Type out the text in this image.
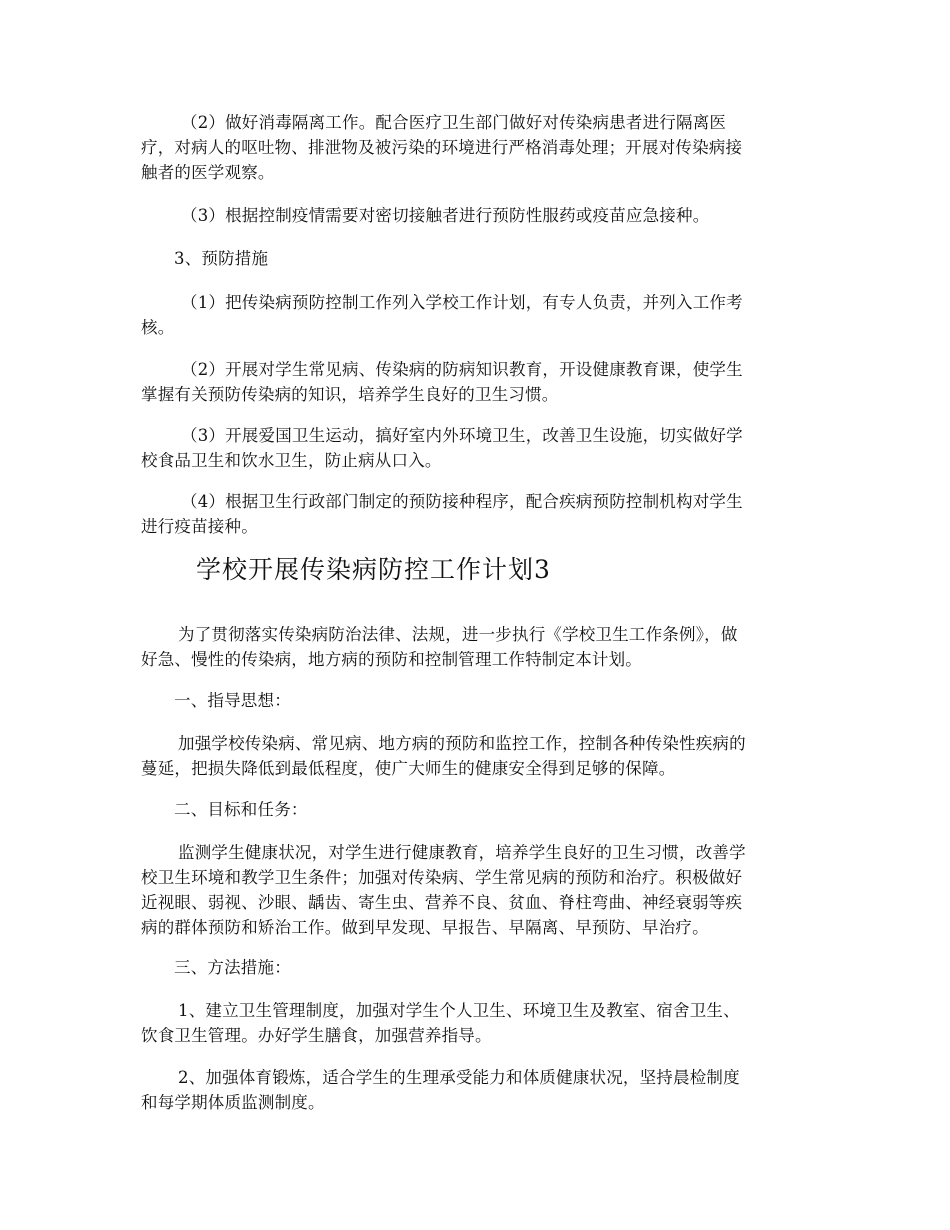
（2）做好消毒隔离工作。配合医疗卫生部门做好对传染病患者进行隔离医
疗，对病人的呕吐物、排泄物及被污染的环境进行严格消毒处理；开展对传染病接
触者的医学观察。

（3）根据控制疫情需要对密切接触者进行预防性服药或疫苗应急接种。

3、预防措施

（1）把传染病预防控制工作列入学校工作计划，有专人负责，并列入工作考
核。

（2）开展对学生常见病、传染病的防病知识教育，开设健康教育课，使学生
掌握有关预防传染病的知识，培养学生良好的卫生习惯。

（3）开展爱国卫生运动，搞好室内外环境卫生，改善卫生设施，切实做好学
校食品卫生和饮水卫生，防止病从口入。

（4）根据卫生行政部门制定的预防接种程序，配合疾病预防控制机构对学生
进行疫苗接种。

学校开展传染病防控工作计划3

为了贯彻落实传染病防治法律、法规，进一步执行《学校卫生工作条例》，做
好急、慢性的传染病，地方病的预防和控制管理工作特制定本计划。

一、指导思想：

加强学校传染病、常见病、地方病的预防和监控工作，控制各种传染性疾病的
蔓延，把损失降低到最低程度，使广大师生的健康安全得到足够的保障。

二、目标和任务：

监测学生健康状况，对学生进行健康教育，培养学生良好的卫生习惯，改善学
校卫生环境和教学卫生条件；加强对传染病、学生常见病的预防和治疗。积极做好
近视眼、弱视、沙眼、龋齿、寄生虫、营养不良、贫血、脊柱弯曲、神经衰弱等疾
病的群体预防和矫治工作。做到早发现、早报告、早隔离、早预防、早治疗。

三、方法措施：

1、建立卫生管理制度，加强对学生个人卫生、环境卫生及教室、宿舍卫生、
饮食卫生管理。办好学生膳食，加强营养指导。

2、加强体育锻炼，适合学生的生理承受能力和体质健康状况，坚持晨检制度
和每学期体质监测制度。
